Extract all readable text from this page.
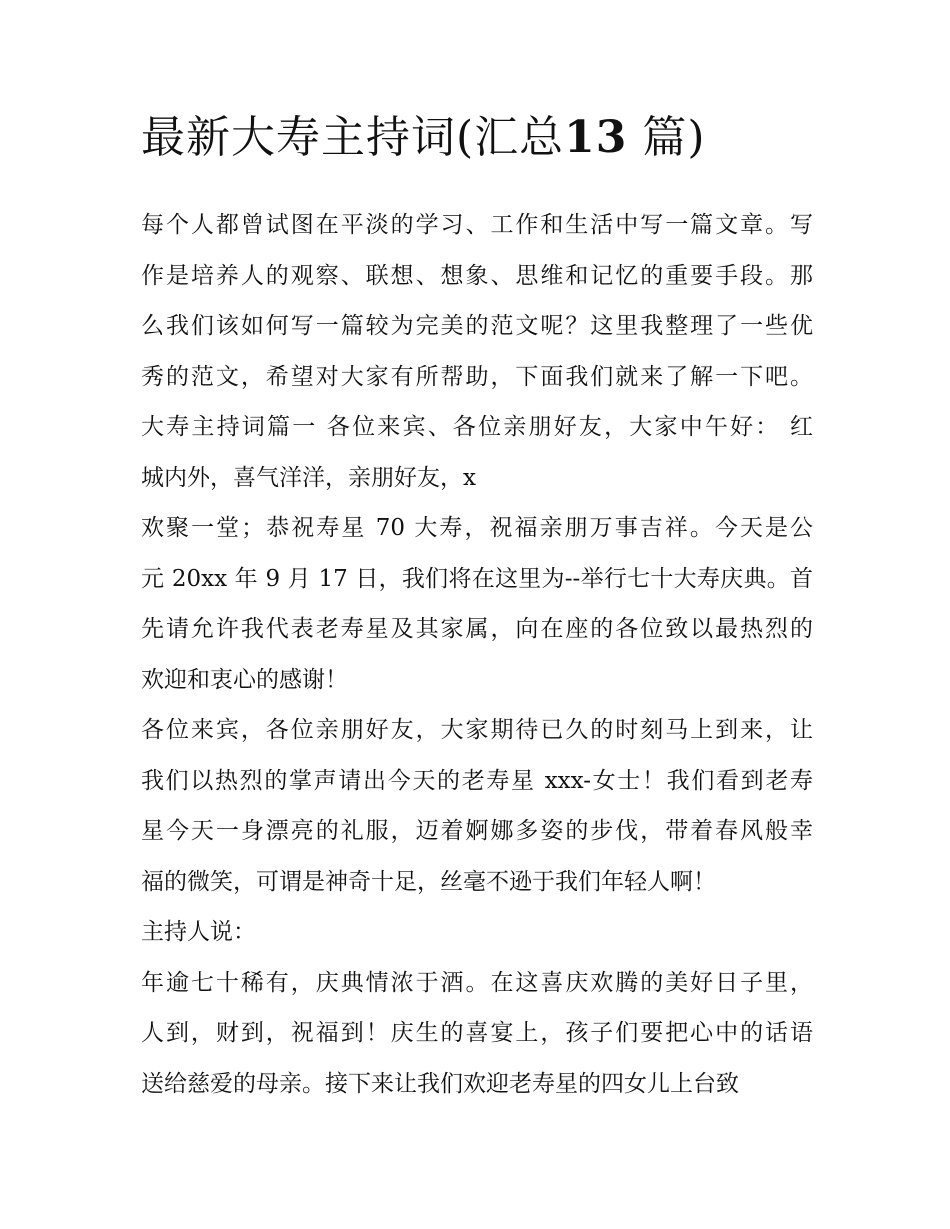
最新大寿主持词(汇总13 篇)
每个人都曾试图在平淡的学习、工作和生活中写一篇文章。写
作是培养人的观察、联想、想象、思维和记忆的重要手段。那
么我们该如何写一篇较为完美的范文呢？这里我整理了一些优
秀的范文，希望对大家有所帮助，下面我们就来了解一下吧。
大寿主持词篇一 各位来宾、各位亲朋好友，大家中午好： 红
城内外，喜气洋洋，亲朋好友，x
欢聚一堂；恭祝寿星 70 大寿，祝福亲朋万事吉祥。今天是公
元 20xx 年 9 月 17 日，我们将在这里为--举行七十大寿庆典。首
先请允许我代表老寿星及其家属，向在座的各位致以最热烈的
欢迎和衷心的感谢！
各位来宾，各位亲朋好友，大家期待已久的时刻马上到来，让
我们以热烈的掌声请出今天的老寿星 xxx-女士！我们看到老寿
星今天一身漂亮的礼服，迈着婀娜多姿的步伐，带着春风般幸
福的微笑，可谓是神奇十足，丝毫不逊于我们年轻人啊！
主持人说：
年逾七十稀有，庆典情浓于酒。在这喜庆欢腾的美好日子里，
人到，财到，祝福到！庆生的喜宴上，孩子们要把心中的话语
送给慈爱的母亲。接下来让我们欢迎老寿星的四女儿上台致
